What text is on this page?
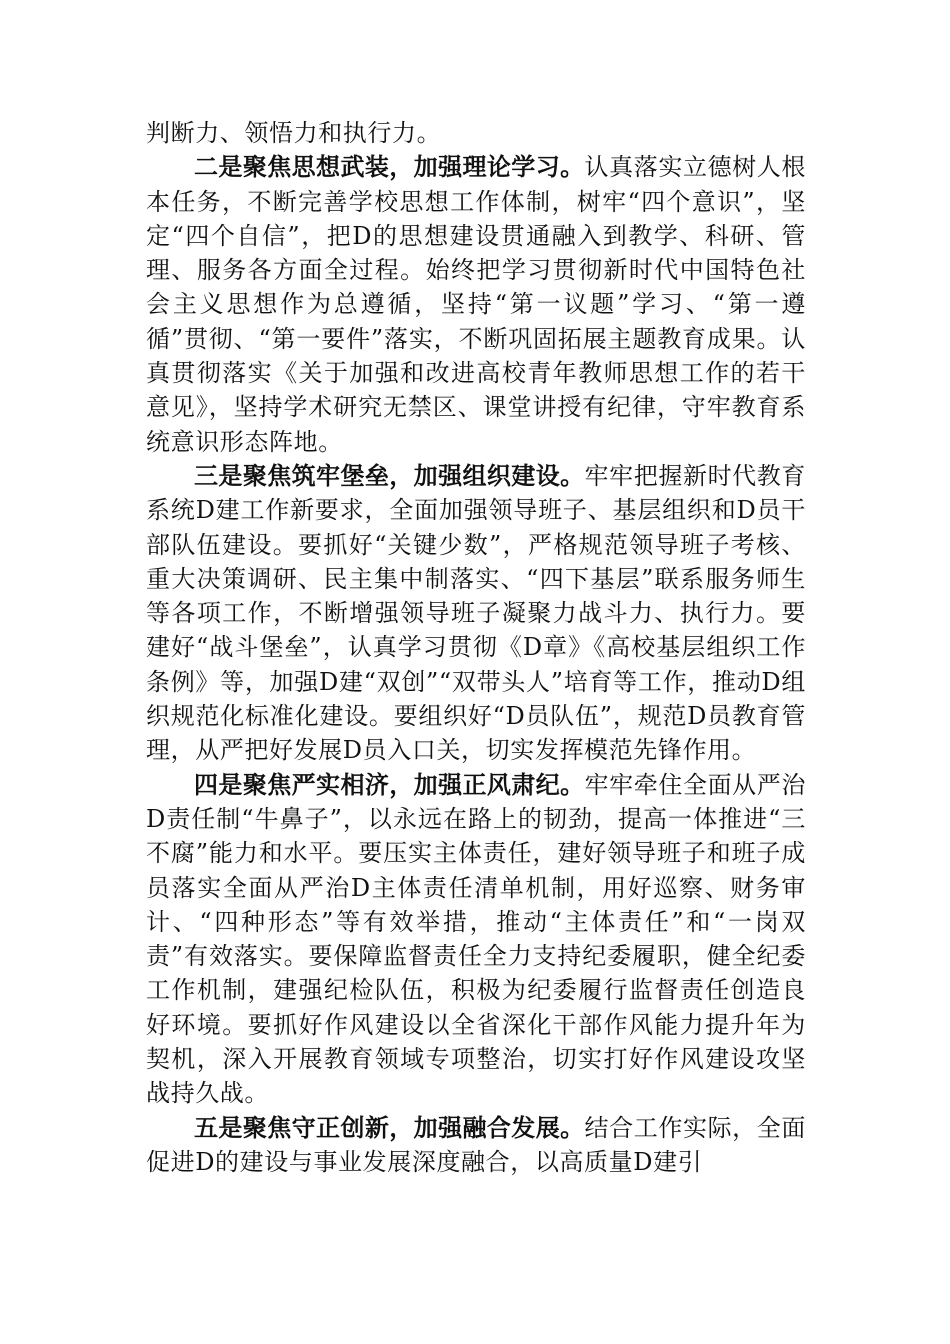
判断力、领悟力和执行力。

二是聚焦思想武装，加强理论学习。认真落实立德树人根本任务，不断完善学校思想工作体制，树牢“四个意识”，坚定“四个自信”，把D的思想建设贯通融入到教学、科研、管理、服务各方面全过程。始终把学习贯彻新时代中国特色社会主义思想作为总遵循，坚持“第一议题”学习、“第一遵循”贯彻、“第一要件”落实，不断巩固拓展主题教育成果。认真贯彻落实《关于加强和改进高校青年教师思想工作的若干意见》，坚持学术研究无禁区、课堂讲授有纪律，守牢教育系统意识形态阵地。

三是聚焦筑牢堡垒，加强组织建设。牢牢把握新时代教育系统D建工作新要求，全面加强领导班子、基层组织和D员干部队伍建设。要抓好“关键少数”，严格规范领导班子考核、重大决策调研、民主集中制落实、“四下基层”联系服务师生等各项工作，不断增强领导班子凝聚力战斗力、执行力。要建好“战斗堡垒”，认真学习贯彻《D章》《高校基层组织工作条例》等，加强D建“双创”“双带头人”培育等工作，推动D组织规范化标准化建设。要组织好“D员队伍”，规范D员教育管理，从严把好发展D员入口关，切实发挥模范先锋作用。

四是聚焦严实相济，加强正风肃纪。牢牢牵住全面从严治D责任制“牛鼻子”，以永远在路上的韧劲，提高一体推进“三不腐”能力和水平。要压实主体责任，建好领导班子和班子成员落实全面从严治D主体责任清单机制，用好巡察、财务审计、“四种形态”等有效举措，推动“主体责任”和“一岗双责”有效落实。要保障监督责任全力支持纪委履职，健全纪委工作机制，建强纪检队伍，积极为纪委履行监督责任创造良好环境。要抓好作风建设以全省深化干部作风能力提升年为契机，深入开展教育领域专项整治，切实打好作风建设攻坚战持久战。

五是聚焦守正创新，加强融合发展。结合工作实际，全面促进D的建设与事业发展深度融合，以高质量D建引
